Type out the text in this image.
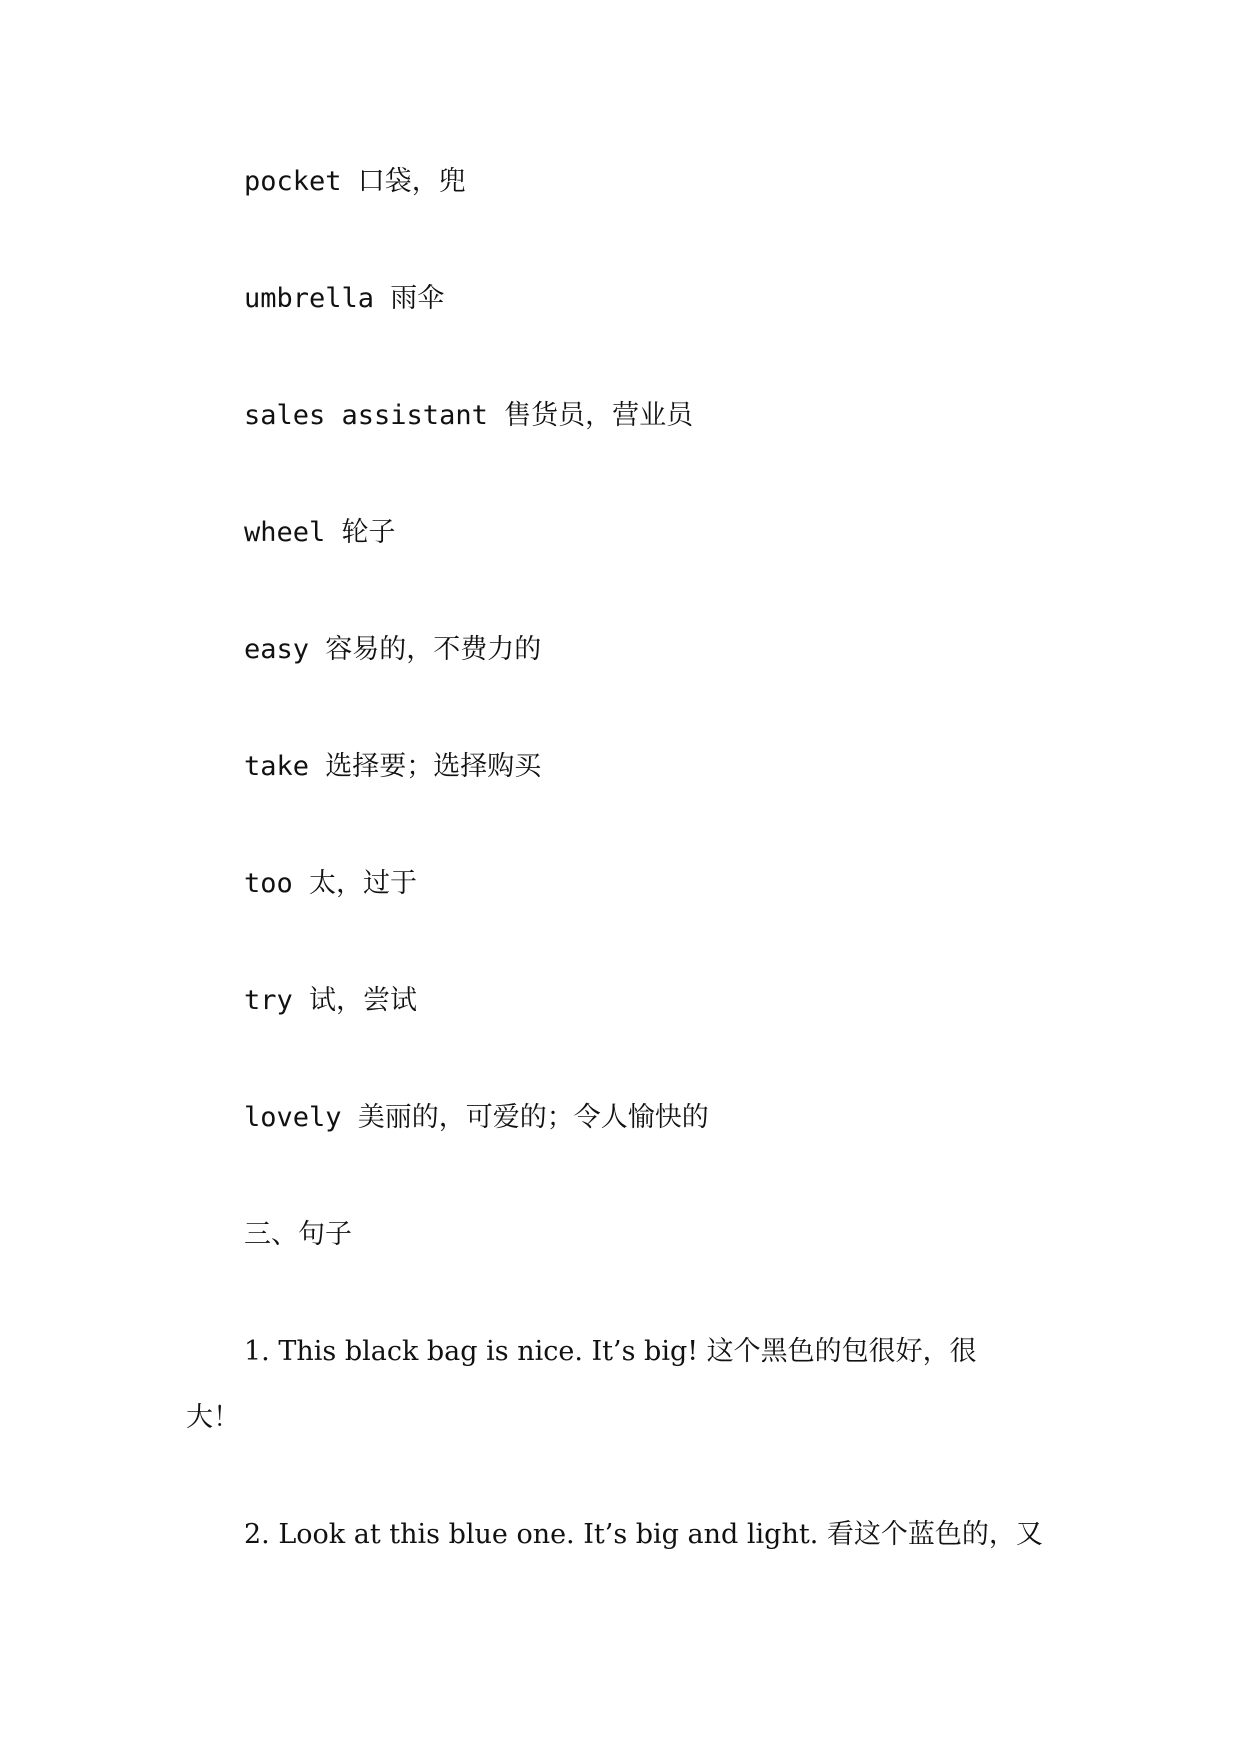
pocket 口袋，兜
umbrella 雨伞
sales assistant 售货员，营业员
wheel 轮子
easy 容易的，不费力的
take 选择要；选择购买
too 太，过于
try 试，尝试
lovely 美丽的，可爱的；令人愉快的
三、句子
1. This black bag is nice. It’s big! 这个黑色的包很好，很
大！
2. Look at this blue one. It’s big and light. 看这个蓝色的，又
